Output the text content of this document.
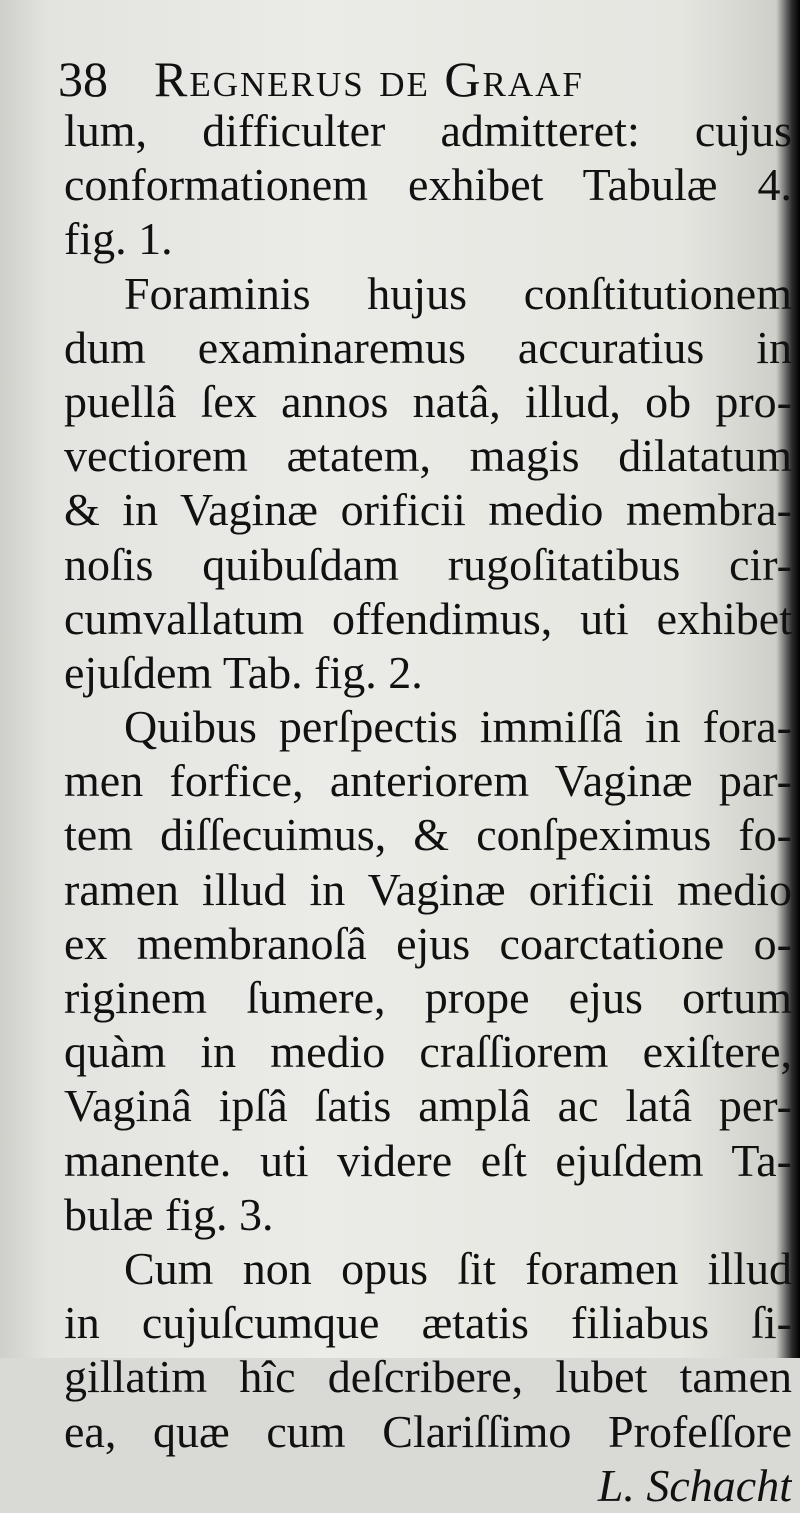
38 Regnerus de Graaf
lum, difficulter admitteret: cujus
conformationem exhibet Tabulæ 4.
fig. 1.
Foraminis hujus conſtitutionem
dum examinaremus accuratius in
puellâ ſex annos natâ, illud, ob pro-
vectiorem ætatem, magis dilatatum
& in Vaginæ orificii medio membra-
noſis quibuſdam rugoſitatibus cir-
cumvallatum offendimus, uti exhibet
ejuſdem Tab. fig. 2.
Quibus perſpectis immiſſâ in fora-
men forfice, anteriorem Vaginæ par-
tem diſſecuimus, & conſpeximus fo-
ramen illud in Vaginæ orificii medio
ex membranoſâ ejus coarctatione o-
riginem ſumere, prope ejus ortum
quàm in medio craſſiorem exiſtere,
Vaginâ ipſâ ſatis amplâ ac latâ per-
manente. uti videre eſt ejuſdem Ta-
bulæ fig. 3.
Cum non opus ſit foramen illud
in cujuſcumque ætatis filiabus ſi-
gillatim hîc deſcribere, lubet tamen
ea, quæ cum Clariſſimo Profeſſore
L. Schacht
